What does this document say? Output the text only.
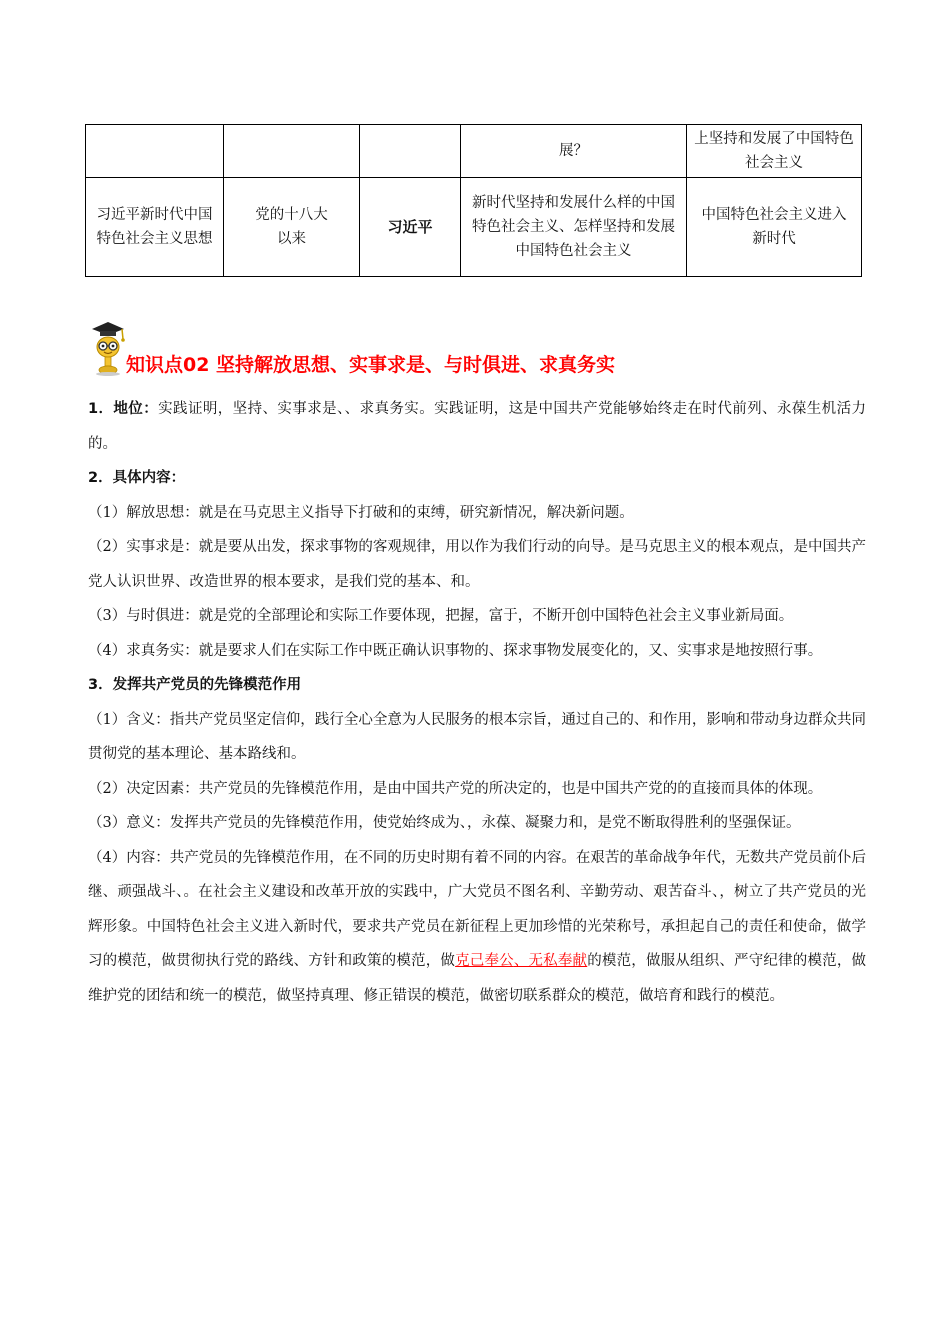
			展？	上坚持和发展了中国特色社会主义
习近平新时代中国特色社会主义思想	党的十八大以来	习近平	新时代坚持和发展什么样的中国特色社会主义、怎样坚持和发展中国特色社会主义	中国特色社会主义进入新时代
知识点02 坚持解放思想、实事求是、与时俱进、求真务实

1．地位：实践证明，坚持、实事求是、、求真务实。实践证明，这是中国共产党能够始终走在时代前列、永葆生机活力的。

2．具体内容：

（1）解放思想：就是在马克思主义指导下打破和的束缚，研究新情况，解决新问题。

（2）实事求是：就是要从出发，探求事物的客观规律，用以作为我们行动的向导。是马克思主义的根本观点，是中国共产党人认识世界、改造世界的根本要求，是我们党的基本、和。

（3）与时俱进：就是党的全部理论和实际工作要体现，把握，富于，不断开创中国特色社会主义事业新局面。

（4）求真务实：就是要求人们在实际工作中既正确认识事物的、探求事物发展变化的，又、实事求是地按照行事。

3．发挥共产党员的先锋模范作用

（1）含义：指共产党员坚定信仰，践行全心全意为人民服务的根本宗旨，通过自己的、和作用，影响和带动身边群众共同贯彻党的基本理论、基本路线和。

（2）决定因素：共产党员的先锋模范作用，是由中国共产党的所决定的，也是中国共产党的的直接而具体的体现。

（3）意义：发挥共产党员的先锋模范作用，使党始终成为、，永葆、凝聚力和，是党不断取得胜利的坚强保证。

（4）内容：共产党员的先锋模范作用，在不同的历史时期有着不同的内容。在艰苦的革命战争年代，无数共产党员前仆后继、顽强战斗、。在社会主义建设和改革开放的实践中，广大党员不图名利、辛勤劳动、艰苦奋斗、，树立了共产党员的光辉形象。中国特色社会主义进入新时代，要求共产党员在新征程上更加珍惜的光荣称号，承担起自己的责任和使命，做学习的模范，做贯彻执行党的路线、方针和政策的模范，做克己奉公、无私奉献的模范，做服从组织、严守纪律的模范，做维护党的团结和统一的模范，做坚持真理、修正错误的模范，做密切联系群众的模范，做培育和践行的模范。
